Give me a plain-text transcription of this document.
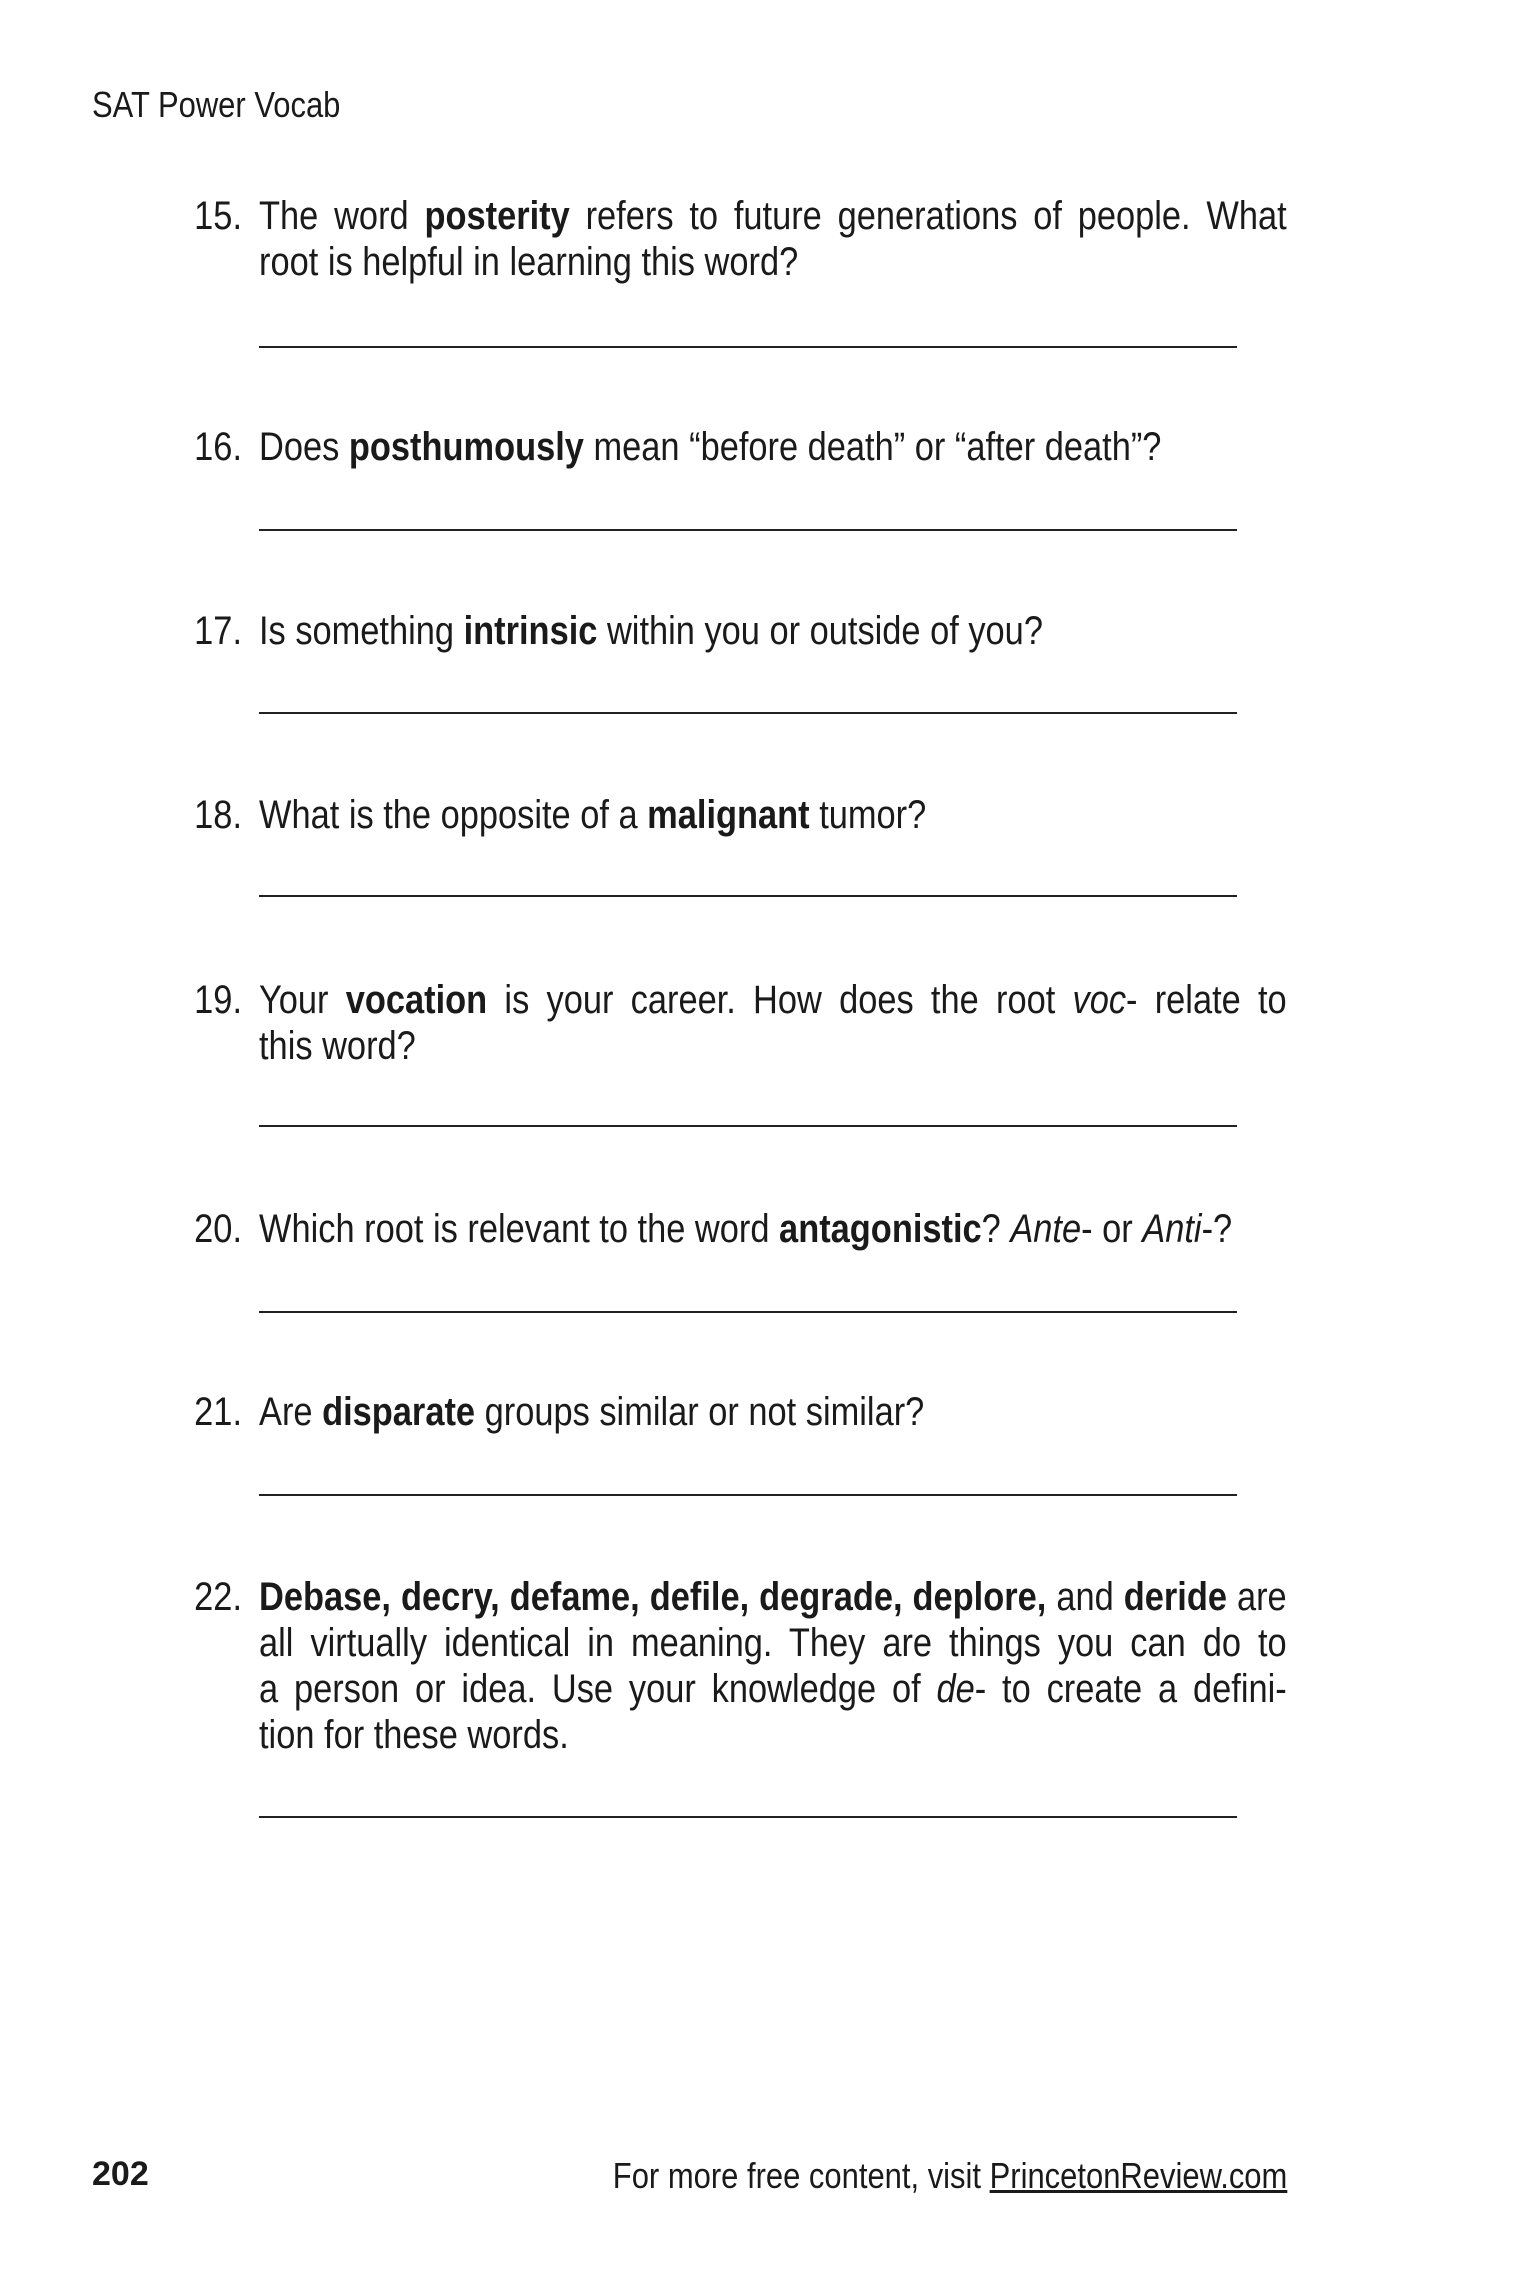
SAT Power Vocab
15. The word posterity refers to future generations of people. What
root is helpful in learning this word?
16. Does posthumously mean “before death” or “after death”?
17. Is something intrinsic within you or outside of you?
18. What is the opposite of a malignant tumor?
19. Your vocation is your career. How does the root voc- relate to
this word?
20. Which root is relevant to the word antagonistic? Ante- or Anti-?
21. Are disparate groups similar or not similar?
22. Debase, decry, defame, defile, degrade, deplore, and deride are
all virtually identical in meaning. They are things you can do to
a person or idea. Use your knowledge of de- to create a defini-
tion for these words.
202	For more free content, visit PrincetonReview.com
